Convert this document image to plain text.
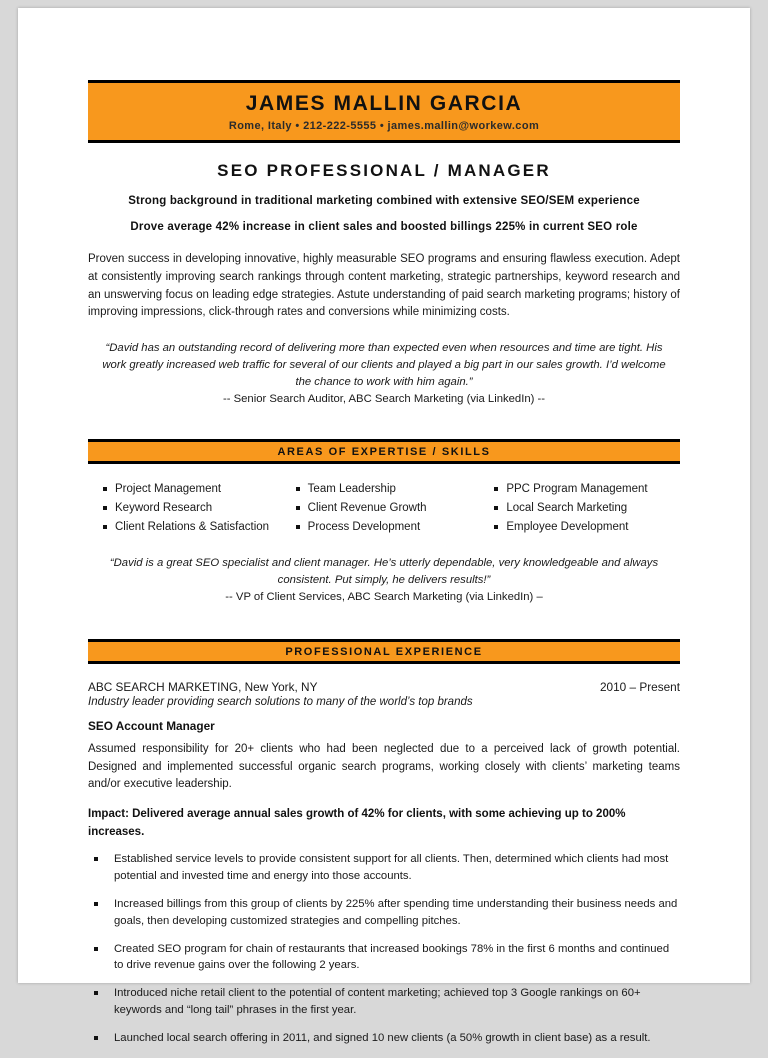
JAMES MALLIN GARCIA
Rome, Italy • 212-222-5555 • james.mallin@workew.com
SEO PROFESSIONAL / MANAGER
Strong background in traditional marketing combined with extensive SEO/SEM experience
Drove average 42% increase in client sales and boosted billings 225% in current SEO role
Proven success in developing innovative, highly measurable SEO programs and ensuring flawless execution. Adept at consistently improving search rankings through content marketing, strategic partnerships, keyword research and an unswerving focus on leading edge strategies. Astute understanding of paid search marketing programs; history of improving impressions, click-through rates and conversions while minimizing costs.
“David has an outstanding record of delivering more than expected even when resources and time are tight. His work greatly increased web traffic for several of our clients and played a big part in our sales growth. I’d welcome the chance to work with him again.”
-- Senior Search Auditor, ABC Search Marketing (via LinkedIn) --
AREAS OF EXPERTISE / SKILLS
Project Management
Keyword Research
Client Relations & Satisfaction
Team Leadership
Client Revenue Growth
Process Development
PPC Program Management
Local Search Marketing
Employee Development
“David is a great SEO specialist and client manager. He’s utterly dependable, very knowledgeable and always consistent. Put simply, he delivers results!”
-- VP of Client Services, ABC Search Marketing (via LinkedIn) –
PROFESSIONAL EXPERIENCE
ABC SEARCH MARKETING, New York, NY	2010 – Present
Industry leader providing search solutions to many of the world’s top brands
SEO Account Manager
Assumed responsibility for 20+ clients who had been neglected due to a perceived lack of growth potential. Designed and implemented successful organic search programs, working closely with clients’ marketing teams and/or executive leadership.
Impact: Delivered average annual sales growth of 42% for clients, with some achieving up to 200% increases.
Established service levels to provide consistent support for all clients. Then, determined which clients had most potential and invested time and energy into those accounts.
Increased billings from this group of clients by 225% after spending time understanding their business needs and goals, then developing customized strategies and compelling pitches.
Created SEO program for chain of restaurants that increased bookings 78% in the first 6 months and continued to drive revenue gains over the following 2 years.
Introduced niche retail client to the potential of content marketing; achieved top 3 Google rankings on 60+ keywords and “long tail” phrases in the first year.
Launched local search offering in 2011, and signed 10 new clients (a 50% growth in client base) as a result.
